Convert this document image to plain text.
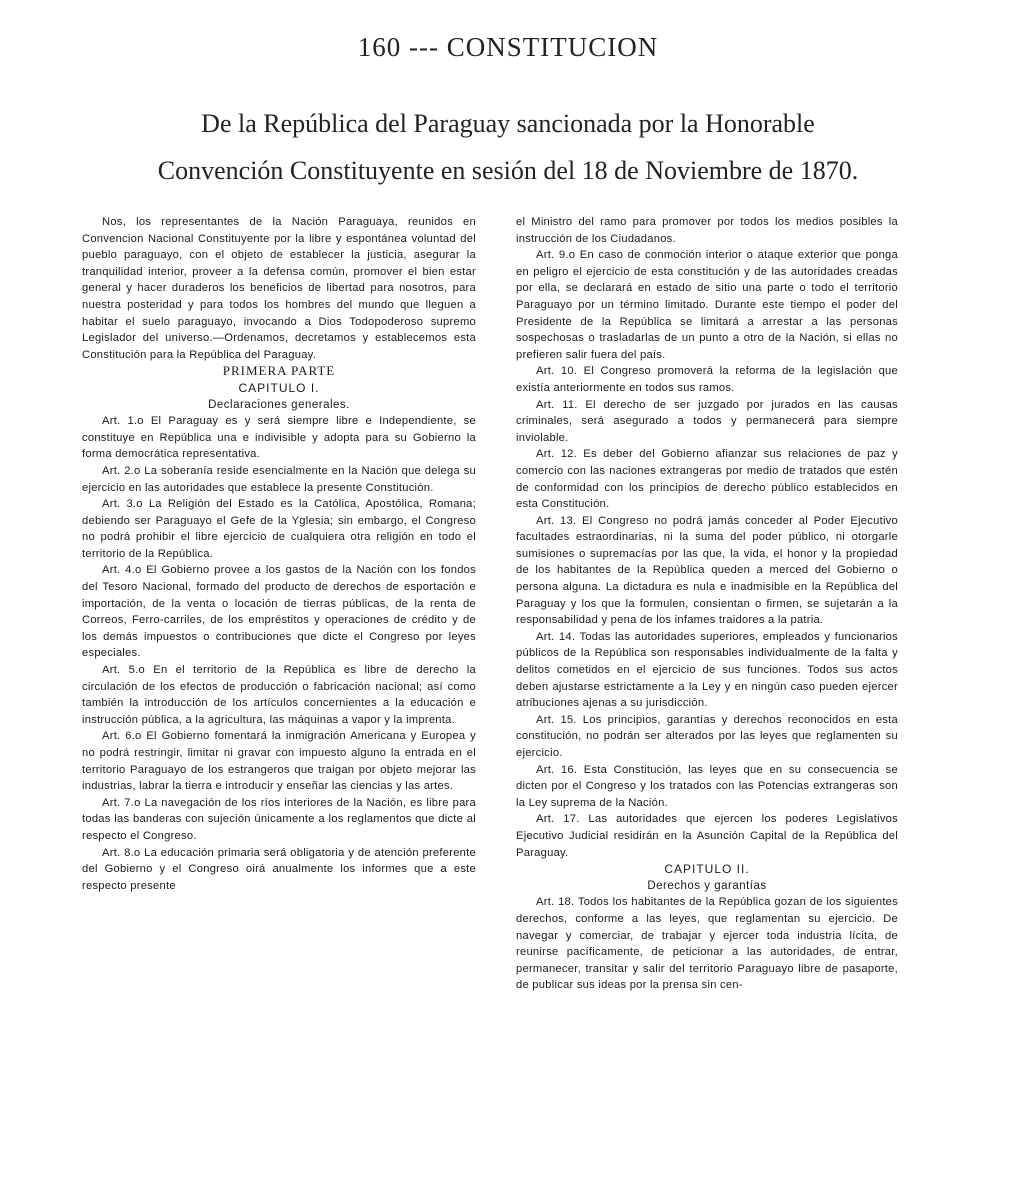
160 --- CONSTITUCION
De la República del Paraguay sancionada por la Honorable
Convención Constituyente en sesión del 18 de Noviembre de 1870.

Nos, los representantes de la Nación Paraguaya, reunidos en Convencion Nacional Constituyente por la libre y espontánea voluntad del pueblo paraguayo, con el objeto de establecer la justicia, asegurar la tranquilidad interior, proveer a la defensa común, promover el bien estar general y hacer duraderos los beneficios de libertad para nosotros, para nuestra posteridad y para todos los hombres del mundo que lleguen a habitar el suelo paraguayo, invocando a Dios Todopoderoso supremo Legislador del universo.—Ordenamos, decretamos y establecemos esta Constitución para la República del Paraguay.

PRIMERA PARTE

CAPITULO I.

Declaraciones generales.

Art. 1.o El Paraguay es y será siempre libre e Independiente, se constituye en República una e indivisible y adopta para su Gobierno la forma democrática representativa.

Art. 2.o La soberanía reside esencialmente en la Nación que delega su ejercicio en las autoridades que establece la presente Constitución.

Art. 3.o La Religión del Estado es la Católica, Apostólica, Romana; debiendo ser Paraguayo el Gefe de la Yglesia; sin embargo, el Congreso no podrá prohibir el libre ejercicio de cualquiera otra religión en todo el territorio de la República.

Art. 4.o El Gobierno provee a los gastos de la Nación con los fondos del Tesoro Nacional, formado del producto de derechos de esportación e importación, de la venta o locación de tierras públicas, de la renta de Correos, Ferro-carriles, de los empréstitos y operaciones de crédito y de los demás impuestos o contribuciones que dicte el Congreso por leyes especiales.

Art. 5.o En el territorio de la República es libre de derecho la circulación de los efectos de producción o fabricación nacional; así como también la introducción de los artículos concernientes a la educación e instrucción pública, a la agricultura, las máquinas a vapor y la imprenta.

Art. 6.o El Gobierno fomentará la inmigración Americana y Europea y no podrá restringir, limitar ni gravar con impuesto alguno la entrada en el territorio Paraguayo de los estrangeros que traigan por objeto mejorar las industrias, labrar la tierra e introducir y enseñar las ciencias y las artes.

Art. 7.o La navegación de los ríos interiores de la Nación, es libre para todas las banderas con sujeción únicamente a los reglamentos que dicte al respecto el Congreso.

Art. 8.o La educación primaria será obligatoria y de atención preferente del Gobierno y el Congreso oirá anualmente los informes que a este respecto presente

el Ministro del ramo para promover por todos los medios posibles la instrucción de los Ciudadanos.

Art. 9.o En caso de conmoción interior o ataque exterior que ponga en peligro el ejercicio de esta constitución y de las autoridades creadas por ella, se declarará en estado de sitio una parte o todo el territorio Paraguayo por un término limitado. Durante este tiempo el poder del Presidente de la República se limitará a arrestar a las personas sospechosas o trasladarlas de un punto a otro de la Nación, si ellas no prefieren salir fuera del país.

Art. 10. El Congreso promoverá la reforma de la legislación que existía anteriormente en todos sus ramos.

Art. 11. El derecho de ser juzgado por jurados en las causas criminales, será asegurado a todos y permanecerá para siempre inviolable.

Art. 12. Es deber del Gobierno afianzar sus relaciones de paz y comercio con las naciones extrangeras por medio de tratados que estén de conformidad con los principios de derecho público establecidos en esta Constitución.

Art. 13. El Congreso no podrá jamás conceder al Poder Ejecutivo facultades estraordinarias, ni la suma del poder público, ni otorgarle sumisiones o supremacías por las que, la vida, el honor y la propiedad de los habitantes de la República queden a merced del Gobierno o persona alguna. La dictadura es nula e inadmisible en la República del Paraguay y los que la formulen, consientan o firmen, se sujetarán a la responsabilidad y pena de los infames traidores a la patria.

Art. 14. Todas las autoridades superiores, empleados y funcionarios públicos de la República son responsables individualmente de la falta y delitos cometidos en el ejercicio de sus funciones. Todos sus actos deben ajustarse estrictamente a la Ley y en ningún caso pueden ejercer atribuciones ajenas a su jurisdicción.

Art. 15. Los principios, garantías y derechos reconocidos en esta constitución, no podrán ser alterados por las leyes que reglamenten su ejercicio.

Art. 16. Esta Constitución, las leyes que en su consecuencia se dicten por el Congreso y los tratados con las Potencias extrangeras son la Ley suprema de la Nación.

Art. 17. Las autoridades que ejercen los poderes Legislativos Ejecutivo Judicial residirán en la Asunción Capital de la República del Paraguay.

CAPITULO II.

Derechos y garantías

Art. 18. Todos los habitantes de la República gozan de los siguientes derechos, conforme a las leyes, que reglamentan su ejercicio. De navegar y comerciar, de trabajar y ejercer toda industria lícita, de reunirse pacíficamente, de peticionar a las autoridades, de entrar, permanecer, transitar y salir del territorio Paraguayo libre de pasaporte, de publicar sus ideas por la prensa sin cen-
